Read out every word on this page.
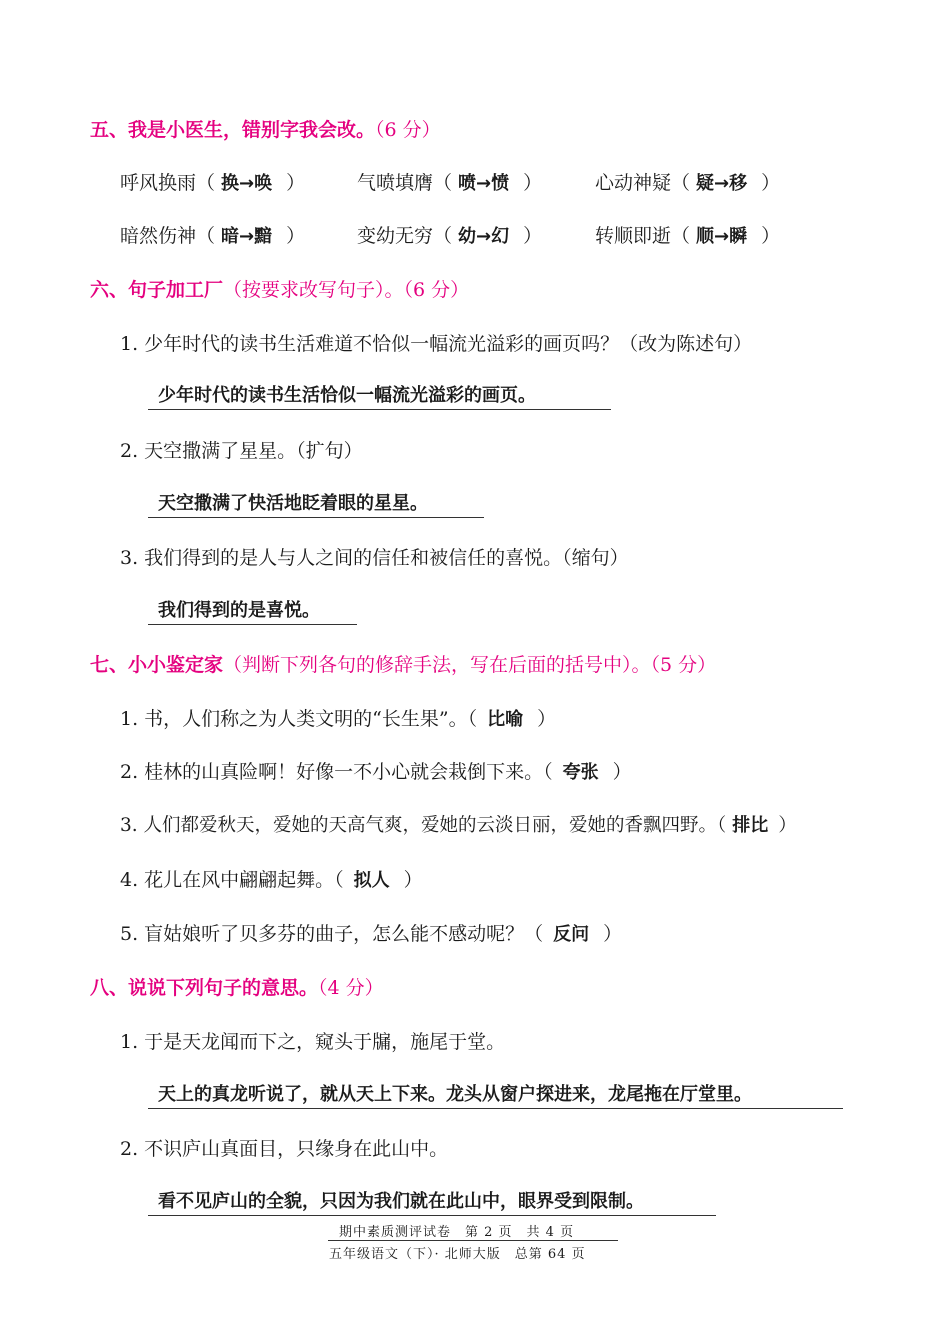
五、我是小医生，错别字我会改。（6 分）
呼风换雨（ 换→唤 ）	气喷填膺（ 喷→愤 ）	心动神疑（ 疑→移 ）
暗然伤神（ 暗→黯 ）	变幼无穷（ 幼→幻 ）	转顺即逝（ 顺→瞬 ）
六、句子加工厂（按要求改写句子）。（6 分）
1. 少年时代的读书生活难道不恰似一幅流光溢彩的画页吗？（改为陈述句）
少年时代的读书生活恰似一幅流光溢彩的画页。
2. 天空撒满了星星。（扩句）
天空撒满了快活地眨着眼的星星。
3. 我们得到的是人与人之间的信任和被信任的喜悦。（缩句）
我们得到的是喜悦。
七、小小鉴定家（判断下列各句的修辞手法，写在后面的括号中）。（5 分）
1. 书，人们称之为人类文明的“长生果”。（ 比喻 ）
2. 桂林的山真险啊！好像一不小心就会栽倒下来。（ 夸张 ）
3. 人们都爱秋天，爱她的天高气爽，爱她的云淡日丽，爱她的香飘四野。（ 排比 ）
4. 花儿在风中翩翩起舞。（ 拟人 ）
5. 盲姑娘听了贝多芬的曲子，怎么能不感动呢？（ 反问 ）
八、说说下列句子的意思。（4 分）
1. 于是天龙闻而下之，窥头于牖，施尾于堂。
天上的真龙听说了，就从天上下来。龙头从窗户探进来，龙尾拖在厅堂里。
2. 不识庐山真面目，只缘身在此山中。
看不见庐山的全貌，只因为我们就在此山中，眼界受到限制。
期中素质测评试卷　第 2 页　共 4 页
五年级语文（下）· 北师大版　总第 64 页
